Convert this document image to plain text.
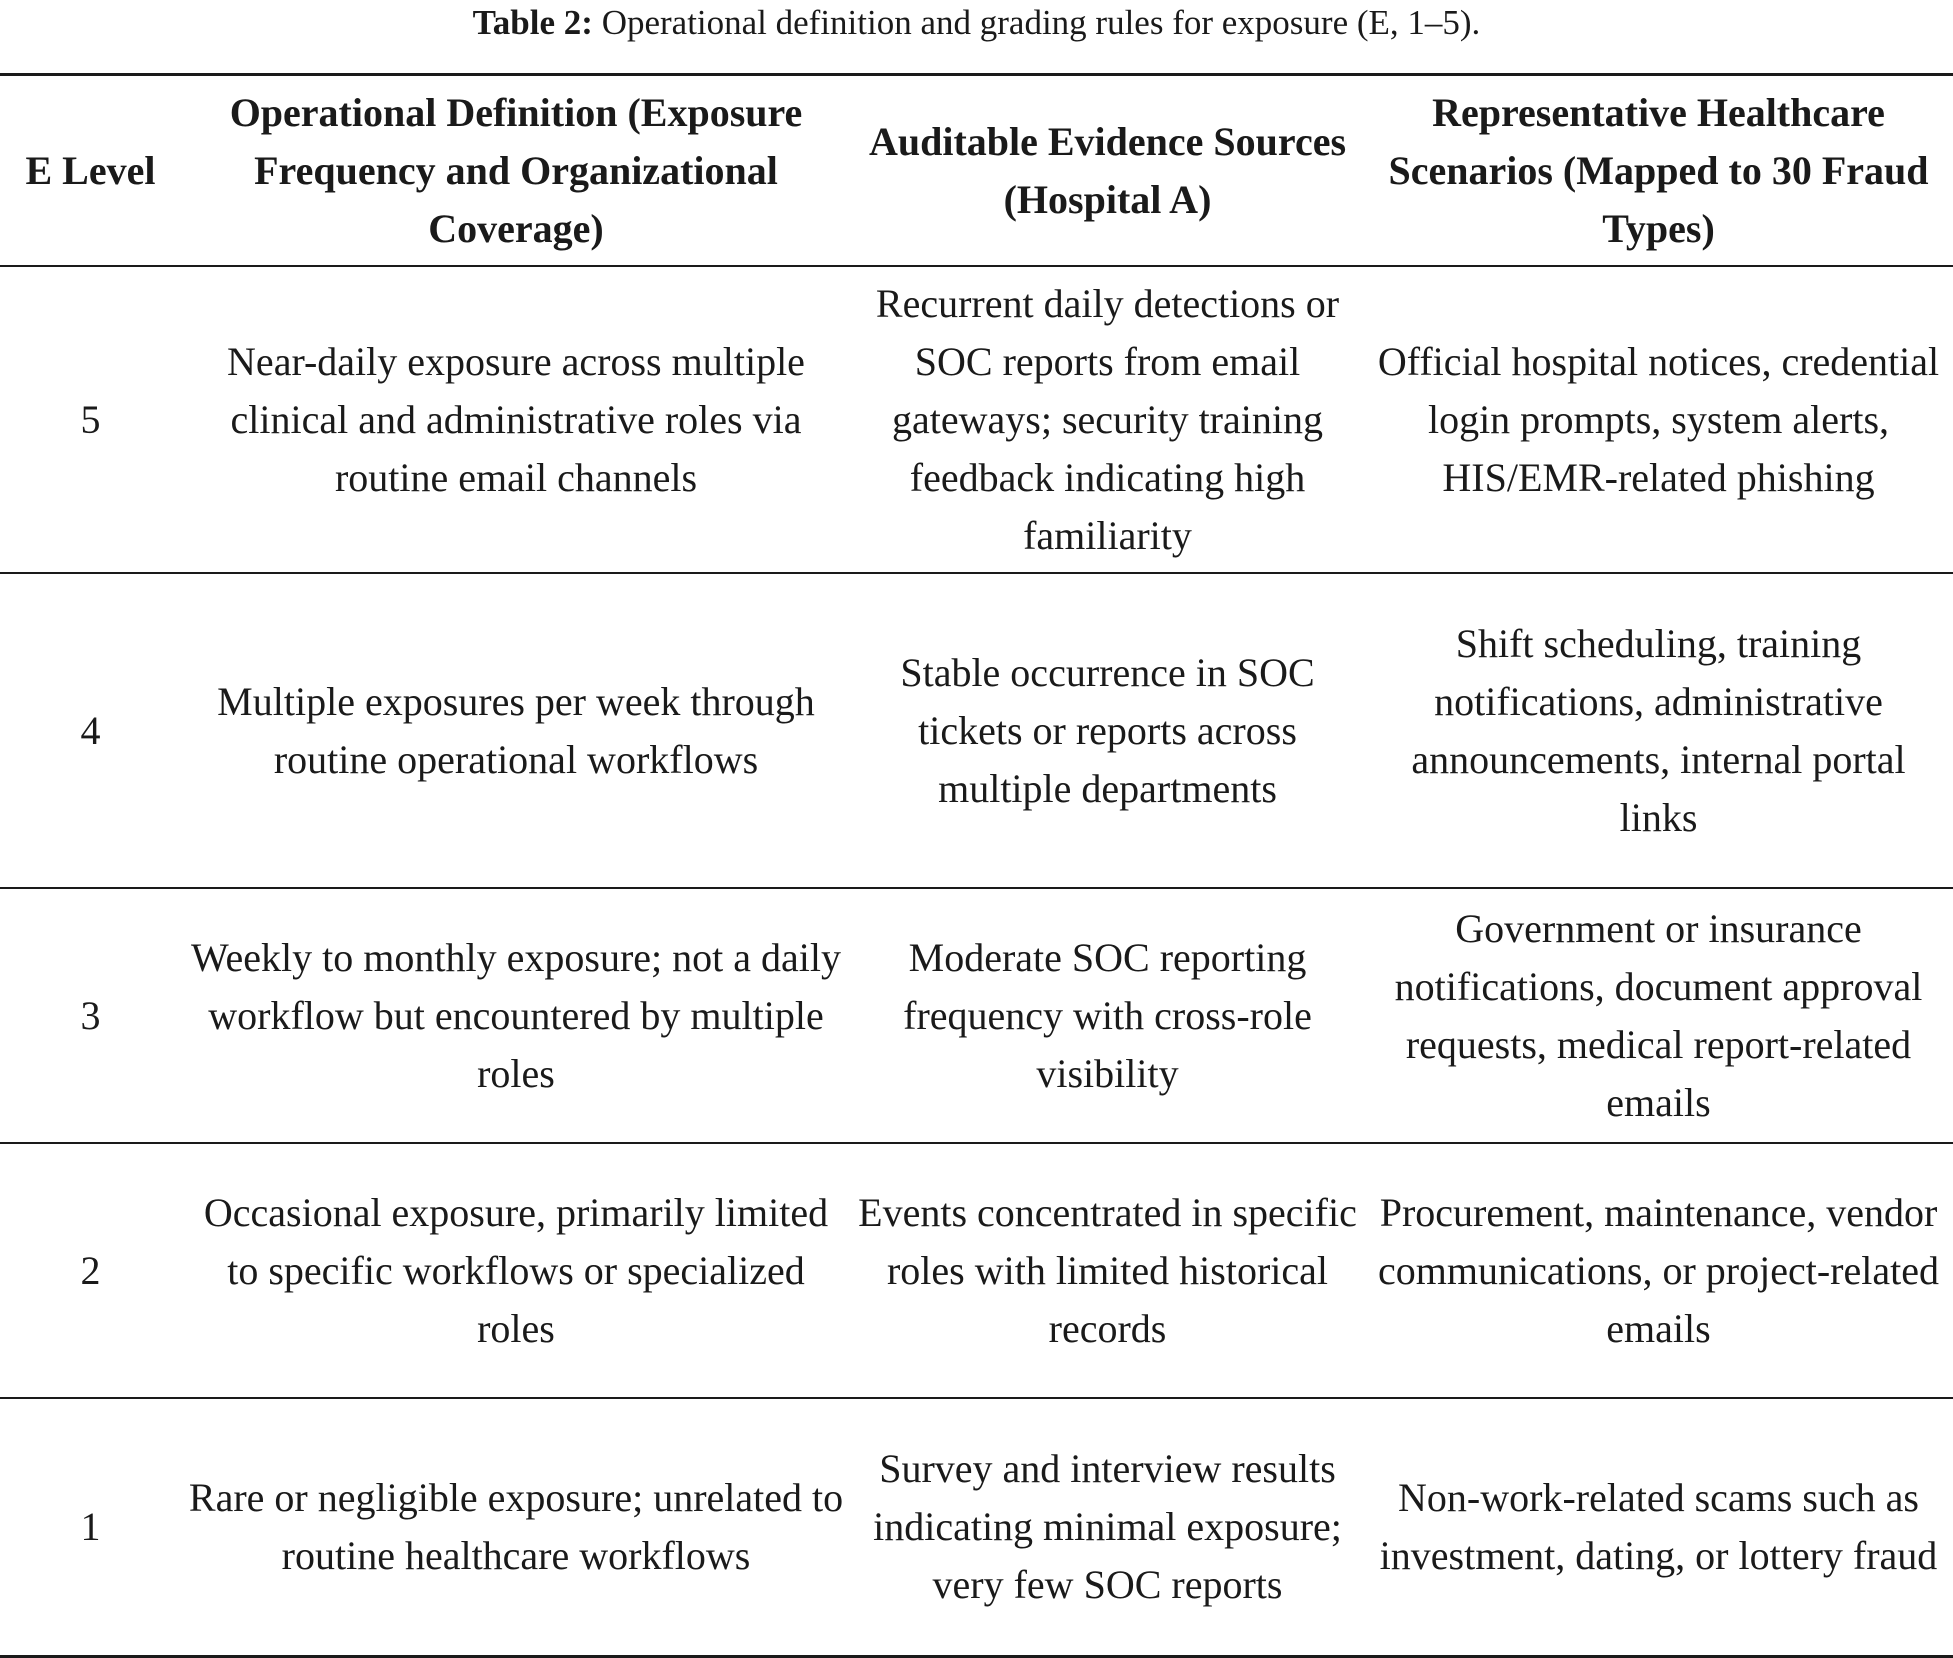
Table 2: Operational definition and grading rules for exposure (E, 1–5).
E Level	Operational Definition (Exposure Frequency and Organizational Coverage)	Auditable Evidence Sources (Hospital A)	Representative Healthcare Scenarios (Mapped to 30 Fraud Types)
5	Near-daily exposure across multiple clinical and administrative roles via routine email channels	Recurrent daily detections or SOC reports from email gateways; security training feedback indicating high familiarity	Official hospital notices, credential login prompts, system alerts, HIS/EMR-related phishing
4	Multiple exposures per week through routine operational workflows	Stable occurrence in SOC tickets or reports across multiple departments	Shift scheduling, training notifications, administrative announcements, internal portal links
3	Weekly to monthly exposure; not a daily workflow but encountered by multiple roles	Moderate SOC reporting frequency with cross-role visibility	Government or insurance notifications, document approval requests, medical report-related emails
2	Occasional exposure, primarily limited to specific workflows or specialized roles	Events concentrated in specific roles with limited historical records	Procurement, maintenance, vendor communications, or project-related emails
1	Rare or negligible exposure; unrelated to routine healthcare workflows	Survey and interview results indicating minimal exposure; very few SOC reports	Non-work-related scams such as investment, dating, or lottery fraud
